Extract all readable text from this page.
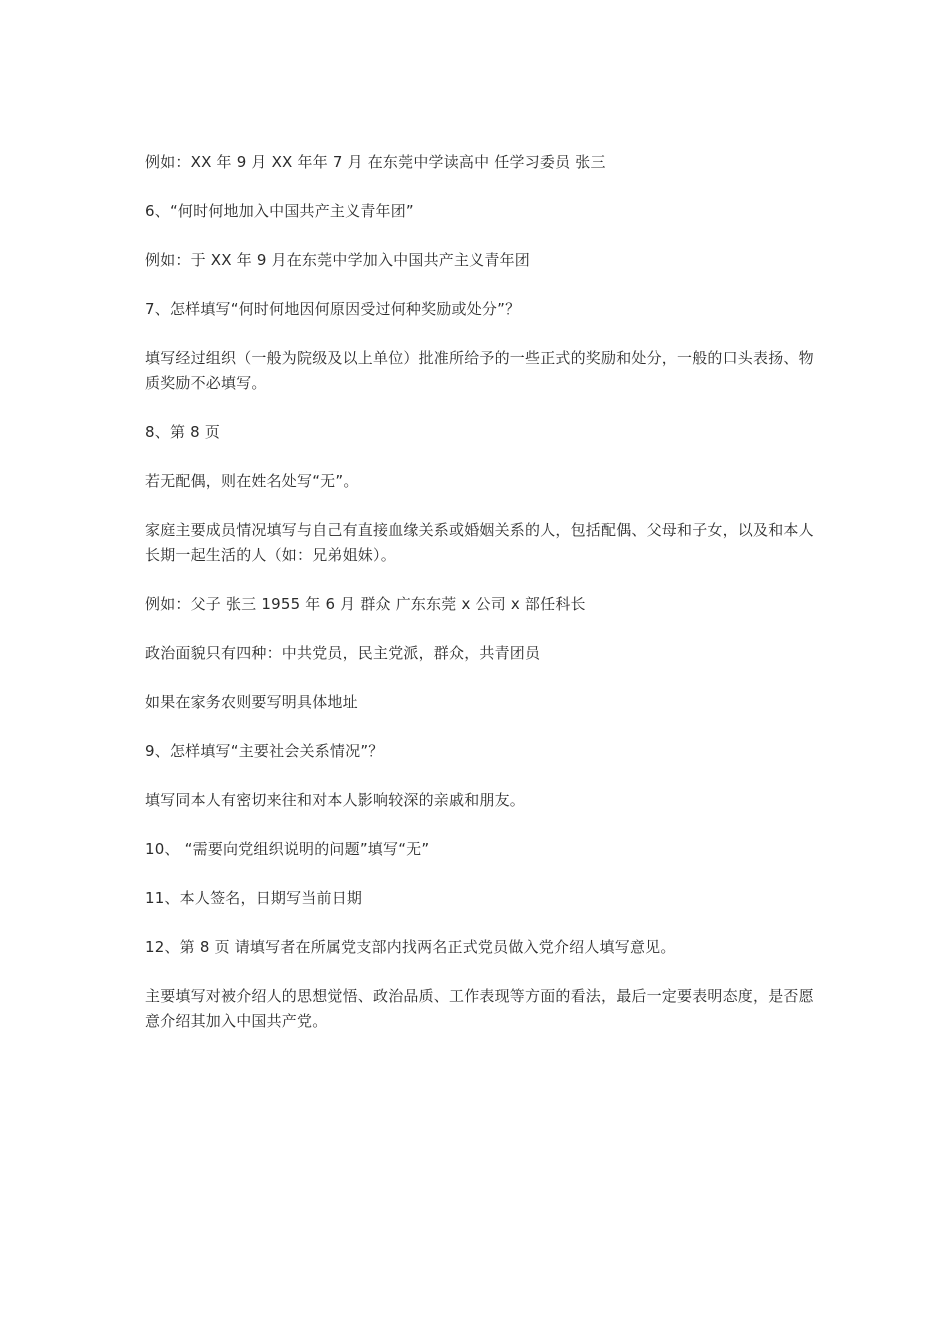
例如：XX 年 9 月 XX 年年 7 月 在东莞中学读高中 任学习委员 张三

6、“何时何地加入中国共产主义青年团”

例如：于 XX 年 9 月在东莞中学加入中国共产主义青年团

7、怎样填写“何时何地因何原因受过何种奖励或处分”？

填写经过组织（一般为院级及以上单位）批准所给予的一些正式的奖励和处分，一般的口头表扬、物质奖励不必填写。

8、第 8 页

若无配偶，则在姓名处写“无”。

家庭主要成员情况填写与自己有直接血缘关系或婚姻关系的人，包括配偶、父母和子女，以及和本人长期一起生活的人（如：兄弟姐妹）。

例如：父子 张三 1955 年 6 月 群众 广东东莞 x 公司 x 部任科长

政治面貌只有四种：中共党员，民主党派，群众，共青团员

如果在家务农则要写明具体地址

9、怎样填写“主要社会关系情况”？

填写同本人有密切来往和对本人影响较深的亲戚和朋友。

10、 “需要向党组织说明的问题”填写“无”

11、本人签名，日期写当前日期

12、第 8 页 请填写者在所属党支部内找两名正式党员做入党介绍人填写意见。

主要填写对被介绍人的思想觉悟、政治品质、工作表现等方面的看法，最后一定要表明态度，是否愿意介绍其加入中国共产党。
